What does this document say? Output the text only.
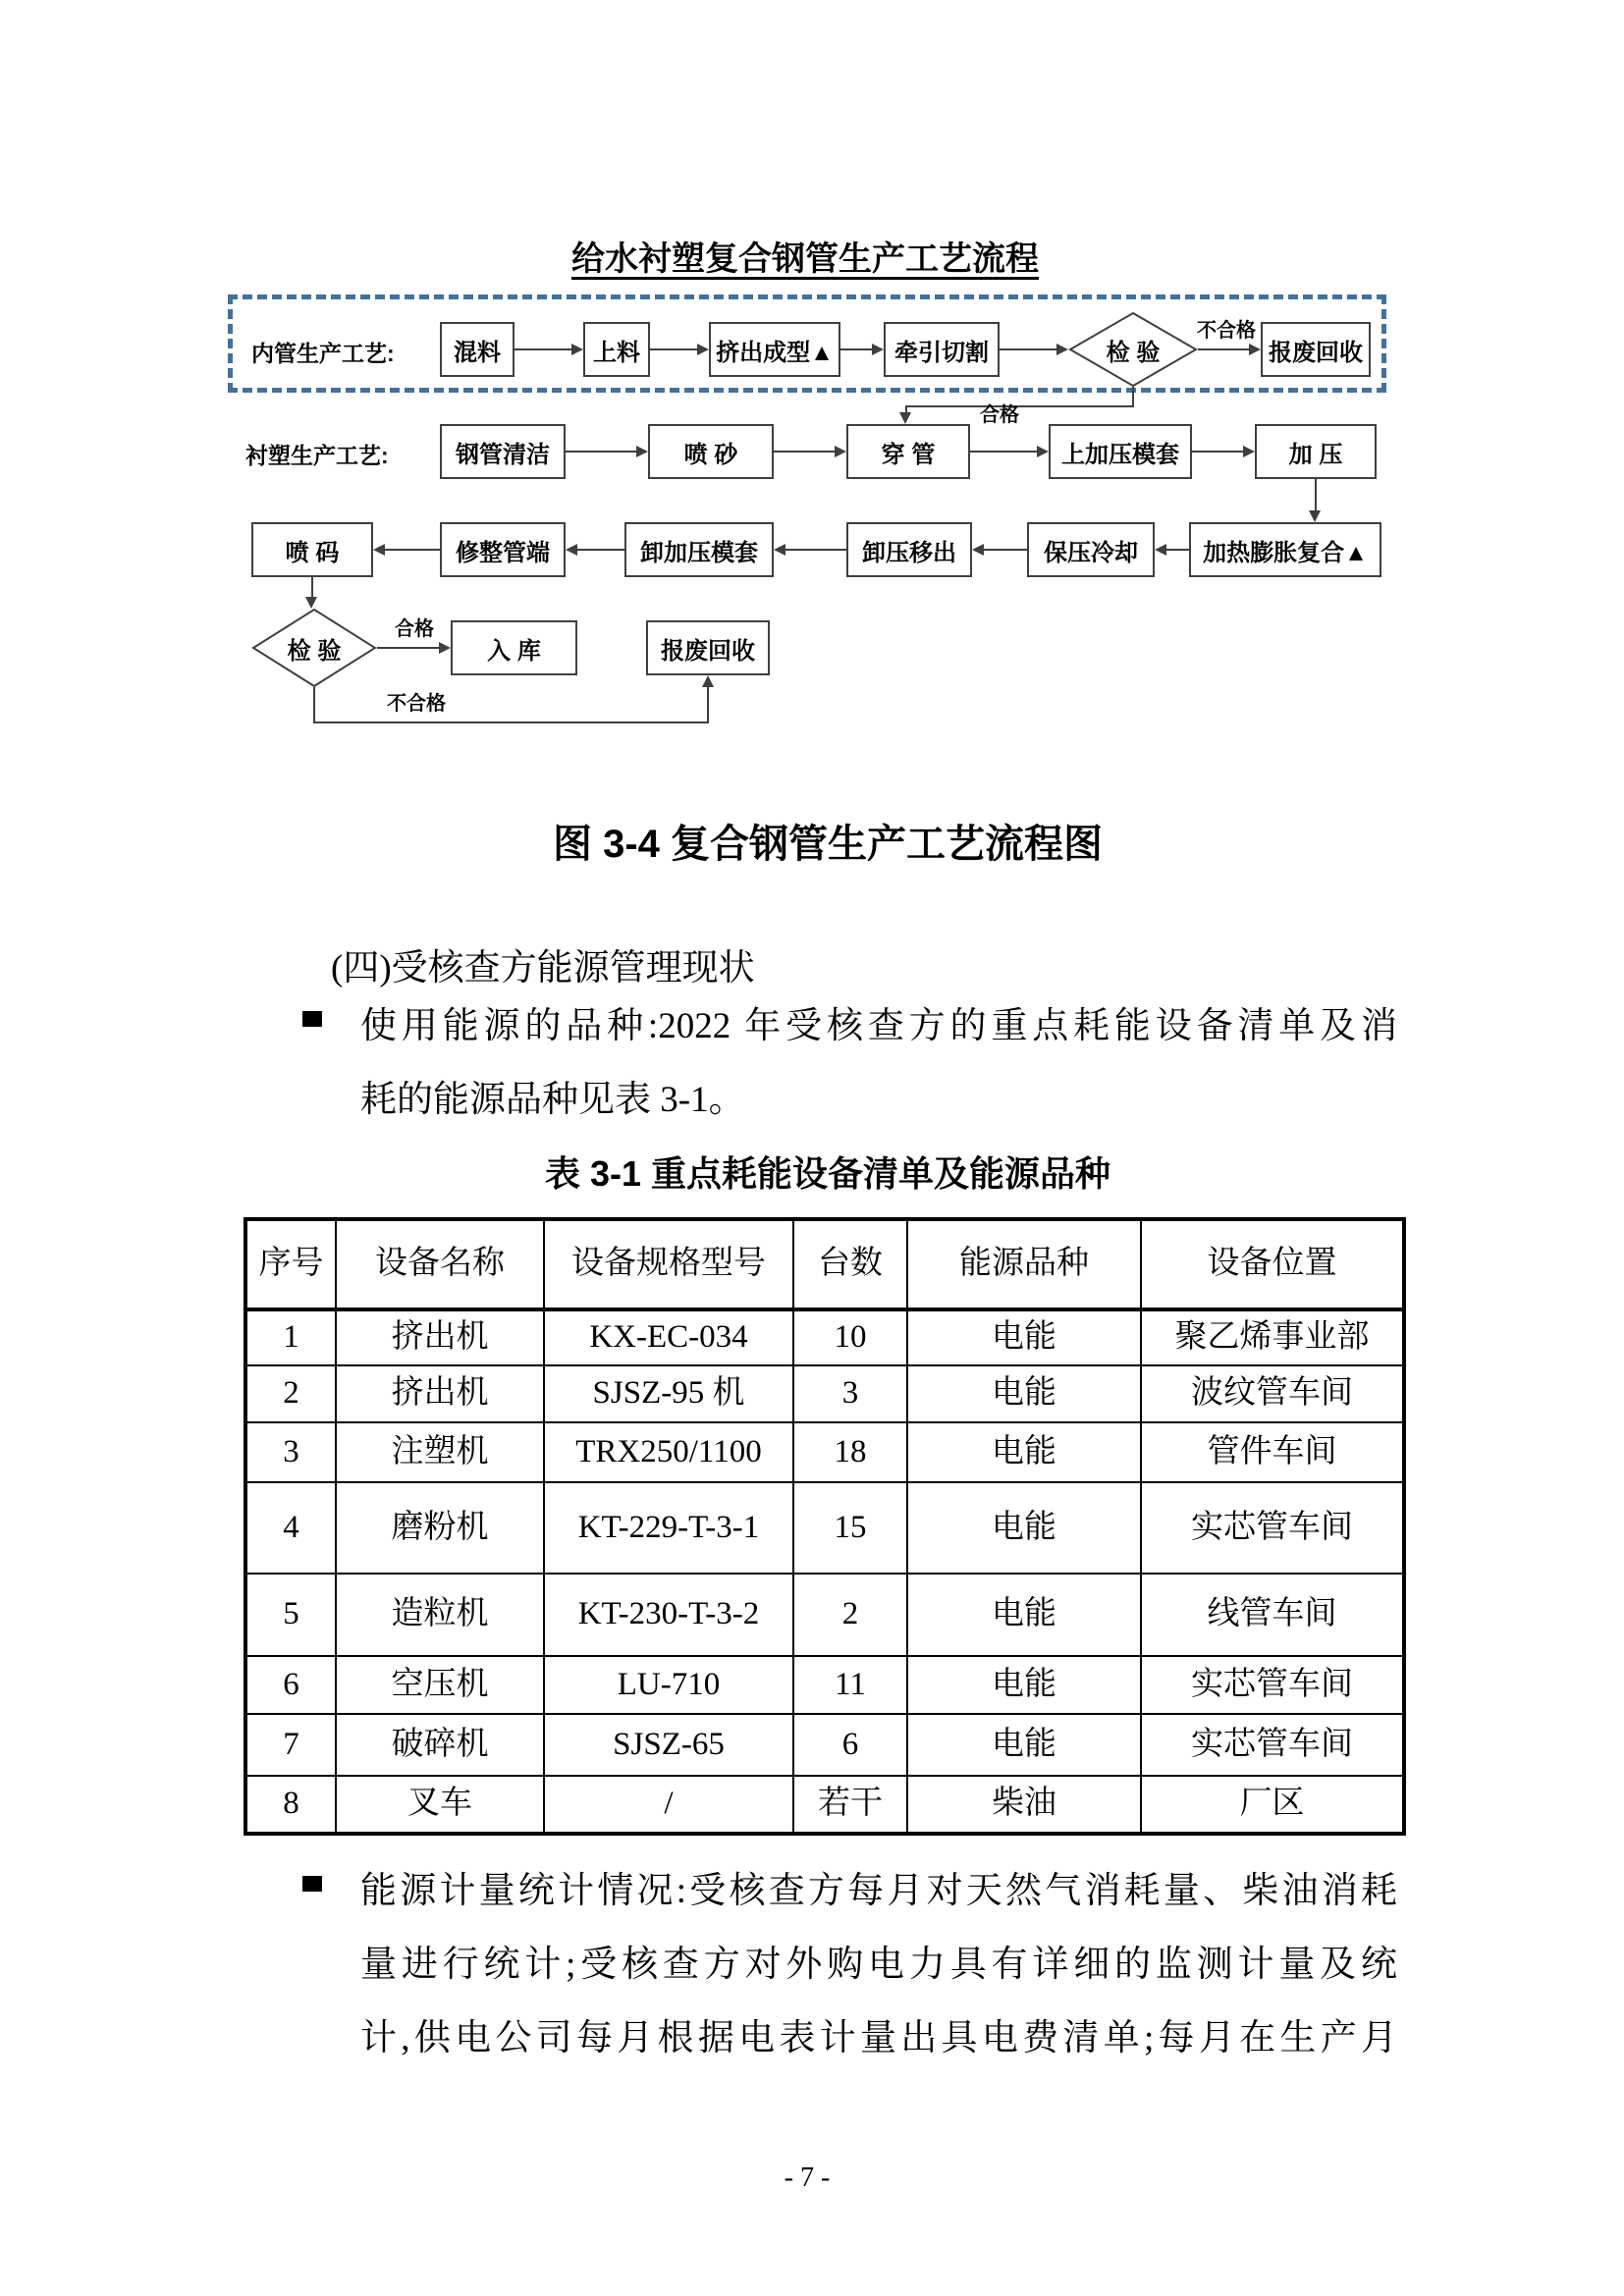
给水衬塑复合钢管生产工艺流程
内管生产工艺:
衬塑生产工艺:
混料	上料	挤出成型▲	牵引切割	检 验	报废回收
不合格
合格
钢管清洁	喷 砂	穿 管	上加压模套	加 压
喷 码	修整管端	卸加压模套	卸压移出	保压冷却	加热膨胀复合▲
检 验	入 库	报废回收
合格
不合格
图 3-4 复合钢管生产工艺流程图
(四)受核查方能源管理现状
使用能源的品种:2022 年受核查方的重点耗能设备清单及消
耗的能源品种见表 3-1。
表 3-1 重点耗能设备清单及能源品种
序号	设备名称	设备规格型号	台数	能源品种	设备位置
1	挤出机	KX-EC-034	10	电能	聚乙烯事业部
2	挤出机	SJSZ-95 机	3	电能	波纹管车间
3	注塑机	TRX250/1100	18	电能	管件车间
4	磨粉机	KT-229-T-3-1	15	电能	实芯管车间
5	造粒机	KT-230-T-3-2	2	电能	线管车间
6	空压机	LU-710	11	电能	实芯管车间
7	破碎机	SJSZ-65	6	电能	实芯管车间
8	叉车	/	若干	柴油	厂区
能源计量统计情况:受核查方每月对天然气消耗量、柴油消耗
量进行统计;受核查方对外购电力具有详细的监测计量及统
计,供电公司每月根据电表计量出具电费清单;每月在生产月
- 7 -
